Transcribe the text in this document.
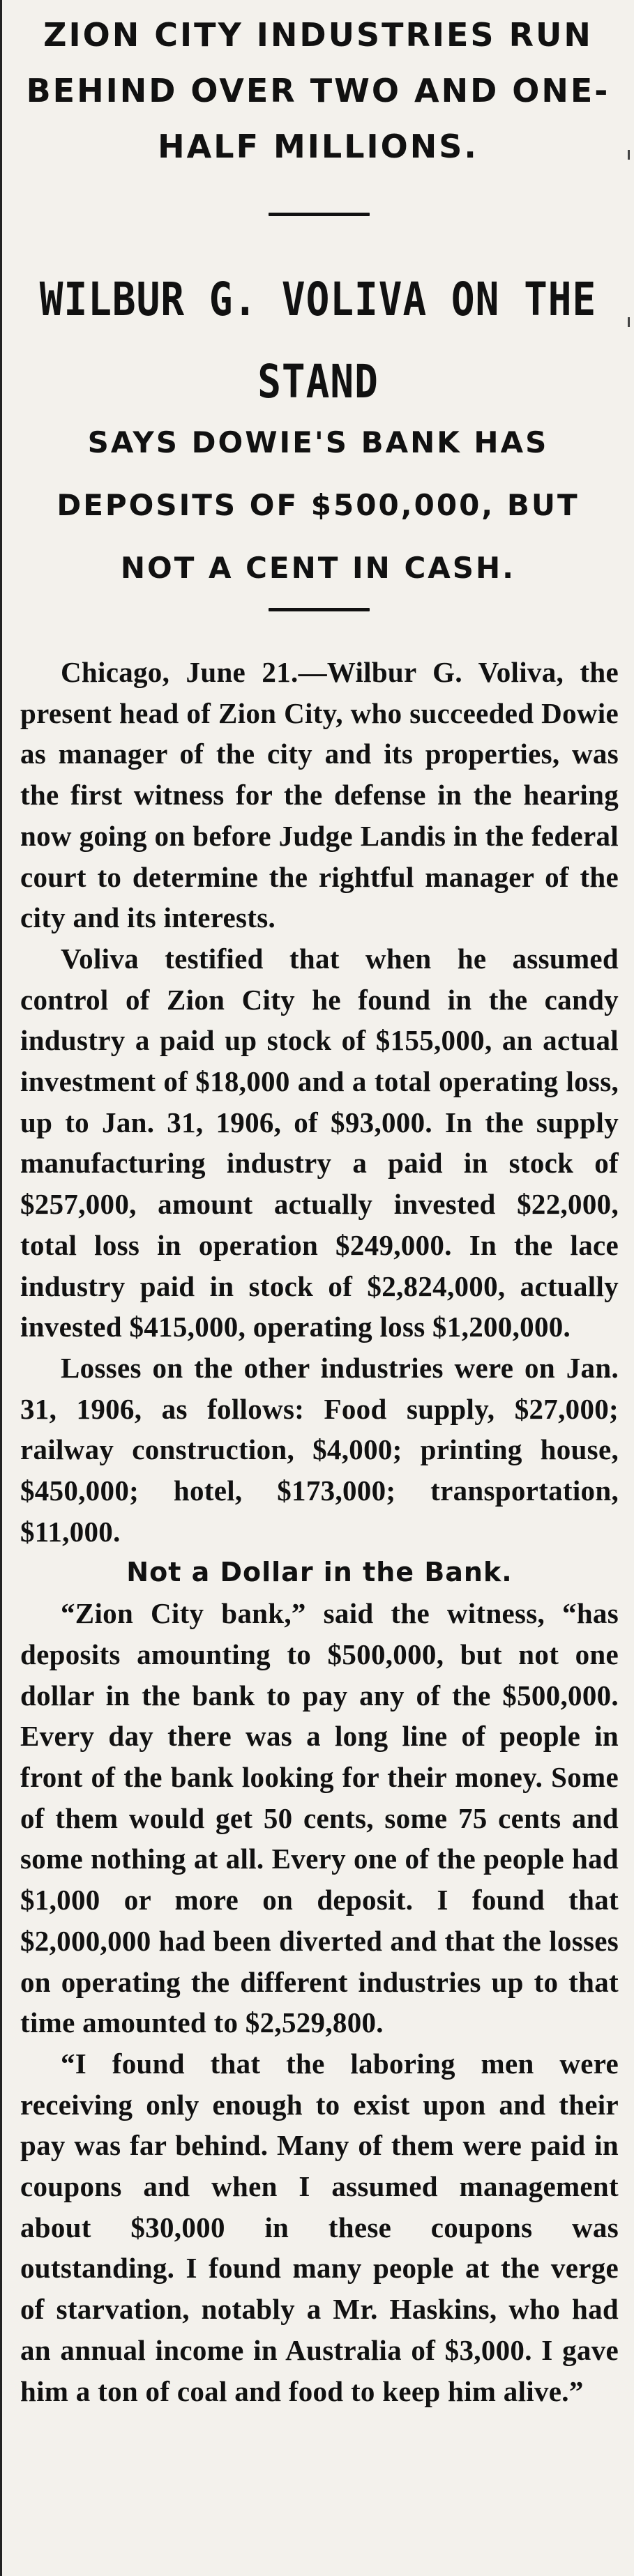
ZION CITY INDUSTRIES RUN BEHIND OVER TWO AND ONE-HALF MILLIONS.
WILBUR G. VOLIVA ON THE STAND
SAYS DOWIE'S BANK HAS DEPOSITS OF $500,000, BUT NOT A CENT IN CASH.

Chicago, June 21.—Wilbur G. Voliva, the present head of Zion City, who succeeded Dowie as manager of the city and its properties, was the first witness for the defense in the hearing now going on before Judge Landis in the federal court to determine the rightful manager of the city and its interests.

Voliva testified that when he assumed control of Zion City he found in the candy industry a paid up stock of $155,000, an actual investment of $18,000 and a total operating loss, up to Jan. 31, 1906, of $93,000. In the supply manufacturing industry a paid in stock of $257,000, amount actually invested $22,000, total loss in operation $249,000. In the lace industry paid in stock of $2,824,000, actually invested $415,000, operating loss $1,200,000.

Losses on the other industries were on Jan. 31, 1906, as follows: Food supply, $27,000; railway construction, $4,000; printing house, $450,000; hotel, $173,000; transportation, $11,000.

Not a Dollar in the Bank.

“Zion City bank,” said the witness, “has deposits amounting to $500,000, but not one dollar in the bank to pay any of the $500,000. Every day there was a long line of people in front of the bank looking for their money. Some of them would get 50 cents, some 75 cents and some nothing at all. Every one of the people had $1,000 or more on deposit. I found that $2,000,000 had been diverted and that the losses on operating the different industries up to that time amounted to $2,529,800.

“I found that the laboring men were receiving only enough to exist upon and their pay was far behind. Many of them were paid in coupons and when I assumed management about $30,000 in these coupons was outstanding. I found many people at the verge of starvation, notably a Mr. Haskins, who had an annual income in Australia of $3,000. I gave him a ton of coal and food to keep him alive.”
